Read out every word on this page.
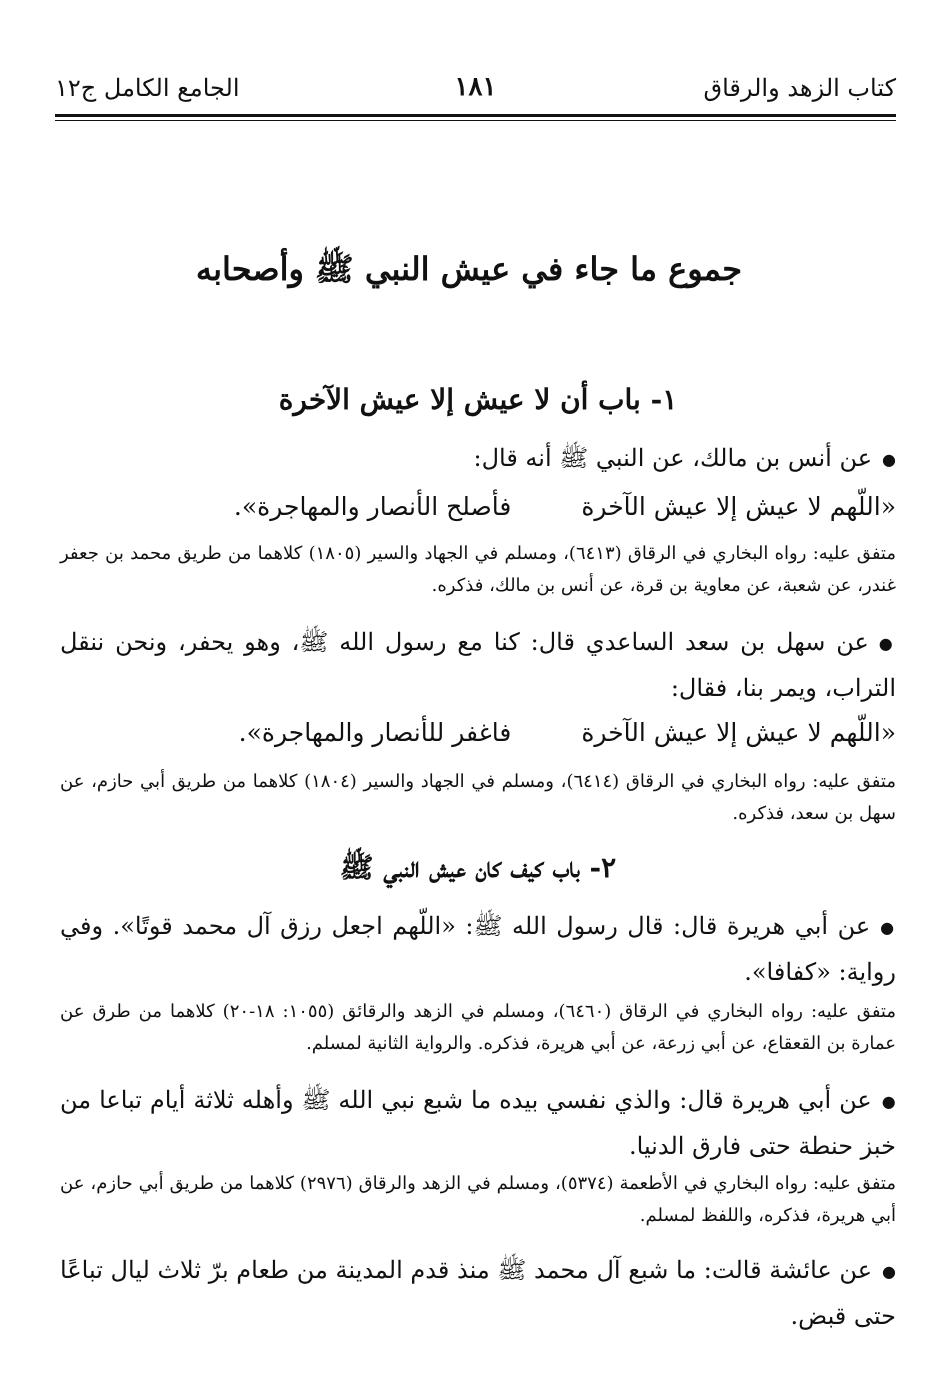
كتاب الزهد والرقاق
١٨١
الجامع الكامل ج١٢
جموع ما جاء في عيش النبي ﷺ وأصحابه
١- باب أن لا عيش إلا عيش الآخرة
●عن أنس بن مالك، عن النبي ﷺ أنه قال:
«اللّهم لا عيش إلا عيش الآخرةفأصلح الأنصار والمهاجرة».
متفق عليه: رواه البخاري في الرقاق (٦٤١٣)، ومسلم في الجهاد والسير (١٨٠٥) كلاهما من طريق محمد بن جعفر غندر، عن شعبة، عن معاوية بن قرة، عن أنس بن مالك، فذكره.
●عن سهل بن سعد الساعدي قال: كنا مع رسول الله ﷺ، وهو يحفر، ونحن ننقل التراب، ويمر بنا، فقال:
«اللّهم لا عيش إلا عيش الآخرةفاغفر للأنصار والمهاجرة».
متفق عليه: رواه البخاري في الرقاق (٦٤١٤)، ومسلم في الجهاد والسير (١٨٠٤) كلاهما من طريق أبي حازم، عن سهل بن سعد، فذكره.
٢- باب كيف كان عيش النبي ﷺ
●عن أبي هريرة قال: قال رسول الله ﷺ: «اللّهم اجعل رزق آل محمد قوتًا». وفي رواية: «كفافا».
متفق عليه: رواه البخاري في الرقاق (٦٤٦٠)، ومسلم في الزهد والرقائق (١٠٥٥: ١٨-٢٠) كلاهما من طرق عن عمارة بن القعقاع، عن أبي زرعة، عن أبي هريرة، فذكره. والرواية الثانية لمسلم.
●عن أبي هريرة قال: والذي نفسي بيده ما شبع نبي الله ﷺ وأهله ثلاثة أيام تباعا من خبز حنطة حتى فارق الدنيا.
متفق عليه: رواه البخاري في الأطعمة (٥٣٧٤)، ومسلم في الزهد والرقاق (٢٩٧٦) كلاهما من طريق أبي حازم، عن أبي هريرة، فذكره، واللفظ لمسلم.
●عن عائشة قالت: ما شبع آل محمد ﷺ منذ قدم المدينة من طعام برّ ثلاث ليال تباعًا حتى قبض.
